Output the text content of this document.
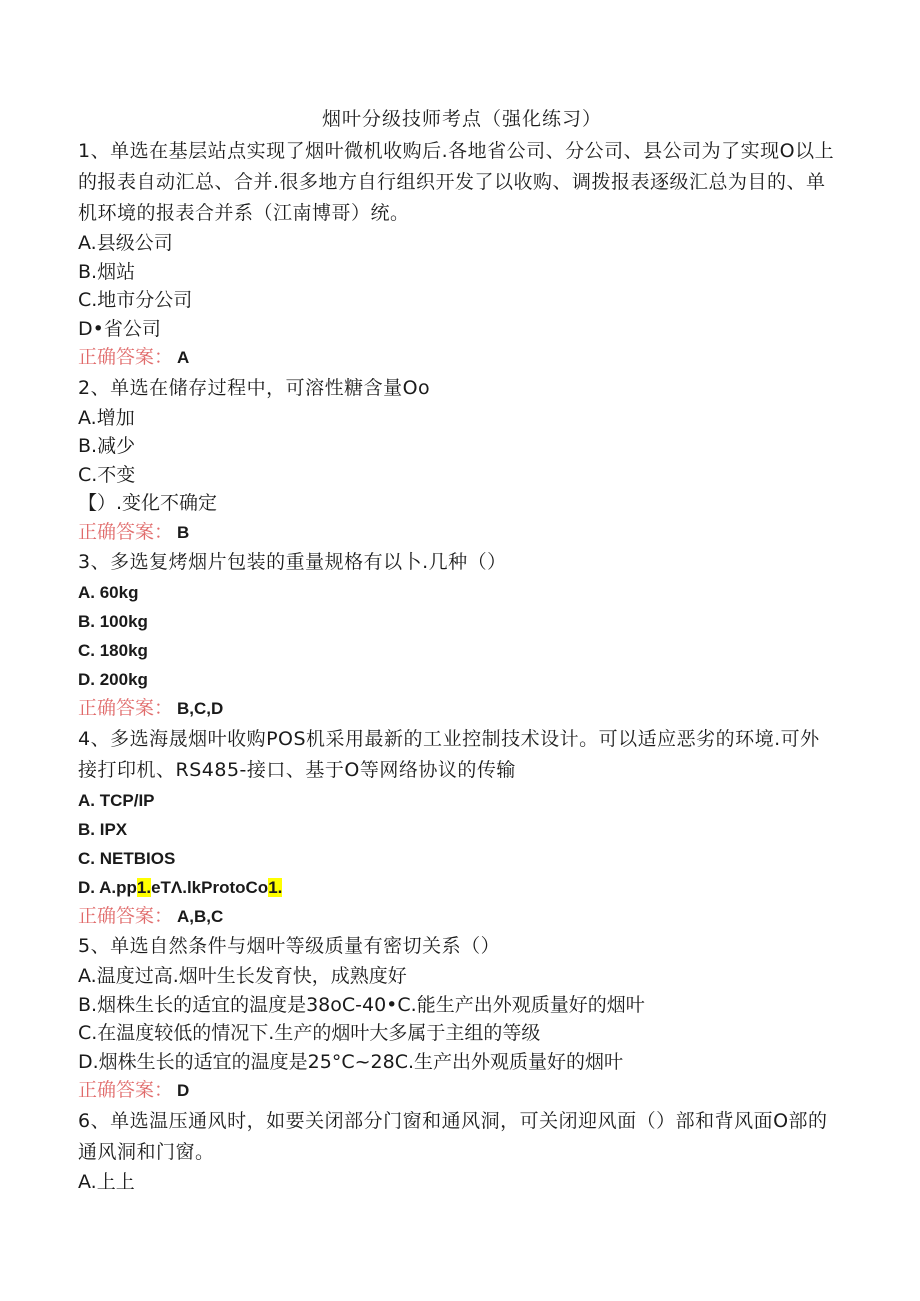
烟叶分级技师考点（强化练习）
1、单选在基层站点实现了烟叶微机收购后.各地省公司、分公司、县公司为了实现O以上的报表自动汇总、合并.很多地方自行组织开发了以收购、调拨报表逐级汇总为目的、单机环境的报表合并系（江南博哥）统。
A.县级公司
B.烟站
C.地市分公司
D•省公司
正确答案： A
2、单选在储存过程中，可溶性糖含量Oo
A.增加
B.减少
C.不变
【）.变化不确定
正确答案： B
3、多选复烤烟片包装的重量规格有以卜.几种（）
A. 60kg
B. 100kg
C. 180kg
D. 200kg
正确答案： B,C,D
4、多选海晟烟叶收购POS机采用最新的工业控制技术设计。可以适应恶劣的环境.可外接打印机、RS485-接口、基于O等网络协议的传输
A. TCP/IP
B. IPX
C. NETBIOS
D. A.pp1.eTΛ.lkProtoCo1.
正确答案： A,B,C
5、单选自然条件与烟叶等级质量有密切关系（）
A.温度过高.烟叶生长发育快，成熟度好
B.烟株生长的适宜的温度是38oC-40•C.能生产出外观质量好的烟叶
C.在温度较低的情况下.生产的烟叶大多属于主组的等级
D.烟株生长的适宜的温度是25°C~28C.生产出外观质量好的烟叶
正确答案： D
6、单选温压通风时，如要关闭部分门窗和通风洞，可关闭迎风面（）部和背风面O部的通风洞和门窗。
A.上上
